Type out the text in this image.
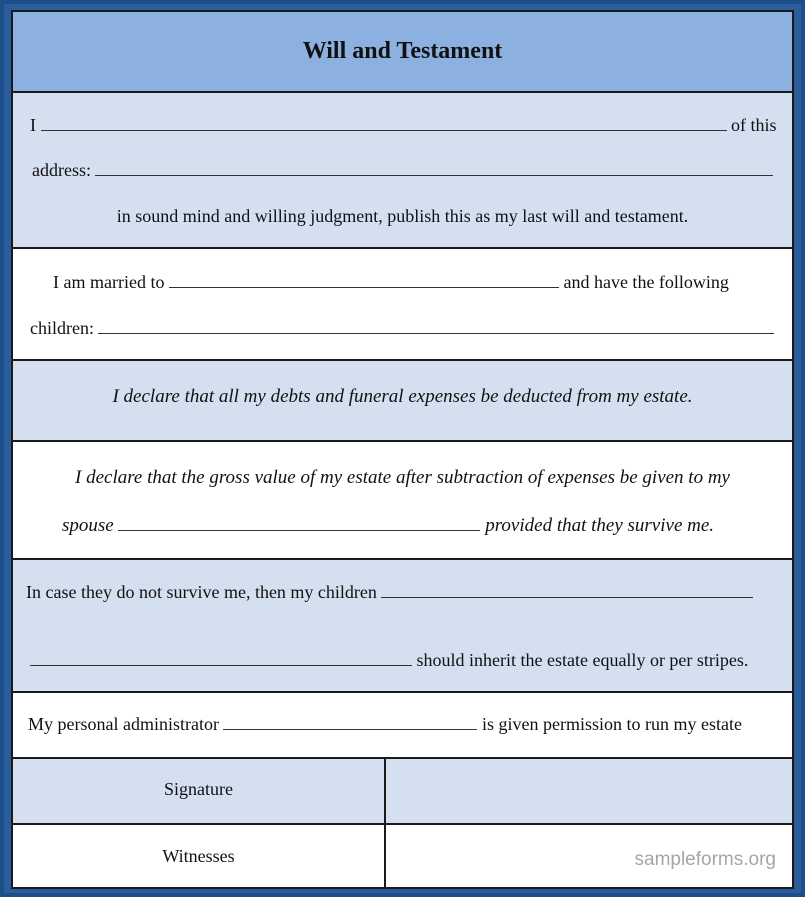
Will and Testament
I	of this
address:
in sound mind and willing judgment, publish this as my last will and testament.
I am married to	and have the following
children:
I declare that all my debts and funeral expenses be deducted from my estate.
I declare that the gross value of my estate after subtraction of expenses be given to my
spouse	provided that they survive me.
In case they do not survive me, then my children
should inherit the estate equally or per stripes.
My personal administrator	is given permission to run my estate
Signature
Witnesses	sampleforms.org
